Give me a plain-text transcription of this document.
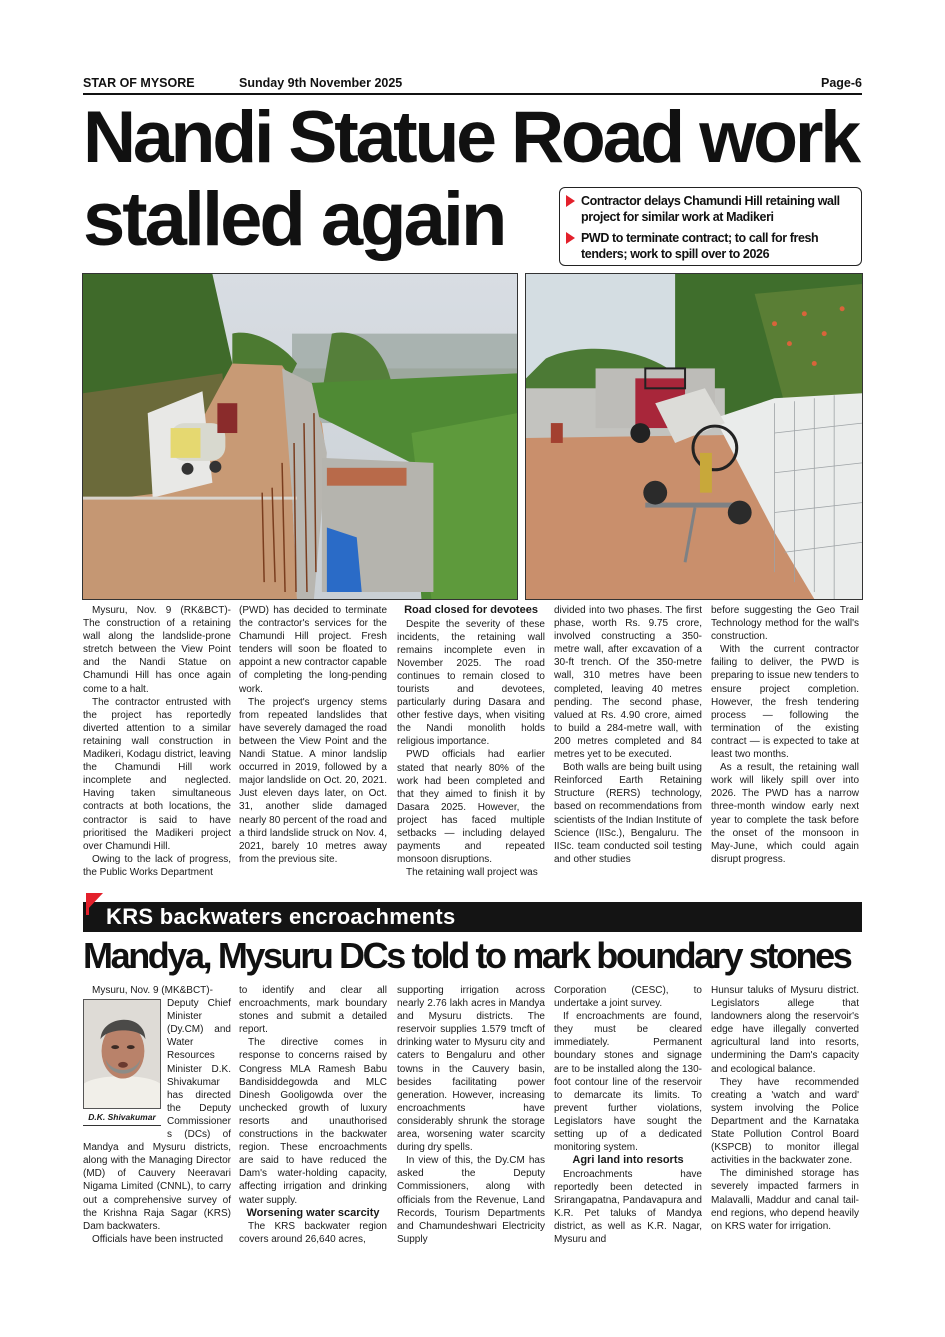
STAR OF MYSORE	Sunday 9th November 2025	Page-6
Nandi Statue Road work
stalled again	Contractor delays Chamundi Hill retaining wall project for similar work at Madikeri
PWD to terminate contract; to call for fresh tenders; work to spill over to 2026

Mysuru, Nov. 9 (RK&BCT)- The construction of a retaining wall along the landslide-prone stretch between the View Point and the Nandi Statue on Chamundi Hill has once again come to a halt.

The contractor entrusted with the project has reportedly diverted attention to a similar retaining wall construction in Madikeri, Kodagu district, leaving the Chamundi Hill work incomplete and neglected. Having taken simultaneous contracts at both locations, the contractor is said to have prioritised the Madikeri project over Chamundi Hill.

Owing to the lack of progress, the Public Works Department

(PWD) has decided to terminate the contractor's services for the Chamundi Hill project. Fresh tenders will soon be floated to appoint a new contractor capable of completing the long-pending work.

The project's urgency stems from repeated landslides that have severely damaged the road between the View Point and the Nandi Statue. A minor landslip occurred in 2019, followed by a major landslide on Oct. 20, 2021. Just eleven days later, on Oct. 31, another slide damaged nearly 80 percent of the road and a third landslide struck on Nov. 4, 2021, barely 10 metres away from the previous site.

Road closed for devotees

Despite the severity of these incidents, the retaining wall remains incomplete even in November 2025. The road continues to remain closed to tourists and devotees, particularly during Dasara and other festive days, when visiting the Nandi monolith holds religious importance.

PWD officials had earlier stated that nearly 80% of the work had been completed and that they aimed to finish it by Dasara 2025. However, the project has faced multiple setbacks — including delayed payments and repeated monsoon disruptions.

The retaining wall project was

divided into two phases. The first phase, worth Rs. 9.75 crore, involved constructing a 350-metre wall, after excavation of a 30-ft trench. Of the 350-metre wall, 310 metres have been completed, leaving 40 metres pending. The second phase, valued at Rs. 4.90 crore, aimed to build a 284-metre wall, with 200 metres completed and 84 metres yet to be executed.

Both walls are being built using Reinforced Earth Retaining Structure (RERS) technology, based on recommendations from scientists of the Indian Institute of Science (IISc.), Bengaluru. The IISc. team conducted soil testing and other studies

before suggesting the Geo Trail Technology method for the wall's construction.

With the current contractor failing to deliver, the PWD is preparing to issue new tenders to ensure project completion. However, the fresh tendering process — following the termination of the existing contract — is expected to take at least two months.

As a result, the retaining wall work will likely spill over into 2026. The PWD has a narrow three-month window early next year to complete the task before the onset of the monsoon in May-June, which could again disrupt progress.

KRS backwaters encroachments
Mandya, Mysuru DCs told to mark boundary stones

Mysuru, Nov. 9 (MK&BCT)-

D.K. Shivakumar

Deputy Chief Minister (Dy.CM) and Water Resources Minister D.K. Shivakumar has directed the Deputy Commissioners (DCs) of Mandya and Mysuru districts, along with the Managing Director (MD) of Cauvery Neeravari Nigama Limited (CNNL), to carry out a comprehensive survey of the Krishna Raja Sagar (KRS) Dam backwaters.

Officials have been instructed

to identify and clear all encroachments, mark boundary stones and submit a detailed report.

The directive comes in response to concerns raised by Congress MLA Ramesh Babu Bandisiddegowda and MLC Dinesh Gooligowda over the unchecked growth of luxury resorts and unauthorised constructions in the backwater region. These encroachments are said to have reduced the Dam's water-holding capacity, affecting irrigation and drinking water supply.

Worsening water scarcity

The KRS backwater region covers around 26,640 acres,

supporting irrigation across nearly 2.76 lakh acres in Mandya and Mysuru districts. The reservoir supplies 1.579 tmcft of drinking water to Mysuru city and caters to Bengaluru and other towns in the Cauvery basin, besides facilitating power generation. However, increasing encroachments have considerably shrunk the storage area, worsening water scarcity during dry spells.

In view of this, the Dy.CM has asked the Deputy Commissioners, along with officials from the Revenue, Land Records, Tourism Departments and Chamundeshwari Electricity Supply

Corporation (CESC), to undertake a joint survey.

If encroachments are found, they must be cleared immediately. Permanent boundary stones and signage are to be installed along the 130-foot contour line of the reservoir to demarcate its limits. To prevent further violations, Legislators have sought the setting up of a dedicated monitoring system.

Agri land into resorts

Encroachments have reportedly been detected in Srirangapatna, Pandavapura and K.R. Pet taluks of Mandya district, as well as K.R. Nagar, Mysuru and

Hunsur taluks of Mysuru district. Legislators allege that landowners along the reservoir's edge have illegally converted agricultural land into resorts, undermining the Dam's capacity and ecological balance.

They have recommended creating a 'watch and ward' system involving the Police Department and the Karnataka State Pollution Control Board (KSPCB) to monitor illegal activities in the backwater zone.

The diminished storage has severely impacted farmers in Malavalli, Maddur and canal tail-end regions, who depend heavily on KRS water for irrigation.
